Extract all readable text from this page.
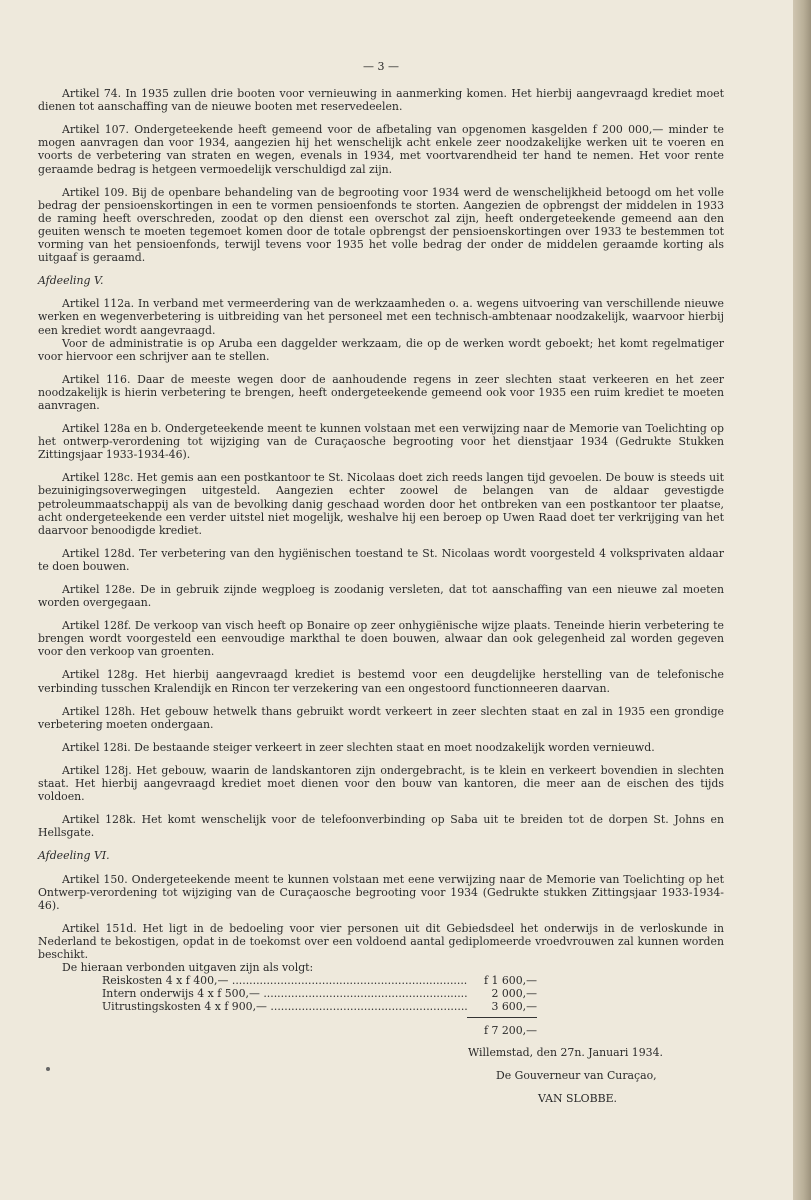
— 3 —

Artikel 74. In 1935 zullen drie booten voor vernieuwing in aanmerking komen. Het hierbij aangevraagd krediet moet dienen tot aanschaffing van de nieuwe booten met reservedeelen.

Artikel 107. Ondergeteekende heeft gemeend voor de afbetaling van opgenomen kasgelden f 200 000,— minder te mogen aanvragen dan voor 1934, aangezien hij het wenschelijk acht enkele zeer noodzakelijke werken uit te voeren en voorts de verbetering van straten en wegen, evenals in 1934, met voortvarendheid ter hand te nemen. Het voor rente geraamde bedrag is hetgeen vermoedelijk verschuldigd zal zijn.

Artikel 109. Bij de openbare behandeling van de begrooting voor 1934 werd de wenschelijkheid betoogd om het volle bedrag der pensioenskortingen in een te vormen pensioenfonds te storten. Aangezien de opbrengst der middelen in 1933 de raming heeft overschreden, zoodat op den dienst een overschot zal zijn, heeft ondergeteekende gemeend aan den geuiten wensch te moeten tegemoet komen door de totale opbrengst der pensioenskortingen over 1933 te bestemmen tot vorming van het pensioenfonds, terwijl tevens voor 1935 het volle bedrag der onder de middelen geraamde korting als uitgaaf is geraamd.

Afdeeling V.

Artikel 112a. In verband met vermeerdering van de werkzaamheden o. a. wegens uitvoering van verschillende nieuwe werken en wegenverbetering is uitbreiding van het personeel met een technisch-ambtenaar noodzakelijk, waarvoor hierbij een krediet wordt aangevraagd.

Voor de administratie is op Aruba een daggelder werkzaam, die op de werken wordt geboekt; het komt regelmatiger voor hiervoor een schrijver aan te stellen.

Artikel 116. Daar de meeste wegen door de aanhoudende regens in zeer slechten staat verkeeren en het zeer noodzakelijk is hierin verbetering te brengen, heeft ondergeteekende gemeend ook voor 1935 een ruim krediet te moeten aanvragen.

Artikel 128a en b. Ondergeteekende meent te kunnen volstaan met een verwijzing naar de Memorie van Toelichting op het ontwerp-verordening tot wijziging van de Curaçaosche begrooting voor het dienstjaar 1934 (Gedrukte Stukken Zittingsjaar 1933-1934-46).

Artikel 128c. Het gemis aan een postkantoor te St. Nicolaas doet zich reeds langen tijd gevoelen. De bouw is steeds uit bezuinigingsoverwegingen uitgesteld. Aangezien echter zoowel de belangen van de aldaar gevestigde petroleummaatschappij als van de bevolking danig geschaad worden door het ontbreken van een postkantoor ter plaatse, acht ondergeteekende een verder uitstel niet mogelijk, weshalve hij een beroep op Uwen Raad doet ter verkrijging van het daarvoor benoodigde krediet.

Artikel 128d. Ter verbetering van den hygiënischen toestand te St. Nicolaas wordt voorgesteld 4 volksprivaten aldaar te doen bouwen.

Artikel 128e. De in gebruik zijnde wegploeg is zoodanig versleten, dat tot aanschaffing van een nieuwe zal moeten worden overgegaan.

Artikel 128f. De verkoop van visch heeft op Bonaire op zeer onhygiënische wijze plaats. Teneinde hierin verbetering te brengen wordt voorgesteld een eenvoudige markthal te doen bouwen, alwaar dan ook gelegenheid zal worden gegeven voor den verkoop van groenten.

Artikel 128g. Het hierbij aangevraagd krediet is bestemd voor een deugdelijke herstelling van de telefonische verbinding tusschen Kralendijk en Rincon ter verzekering van een ongestoord functionneeren daarvan.

Artikel 128h. Het gebouw hetwelk thans gebruikt wordt verkeert in zeer slechten staat en zal in 1935 een grondige verbetering moeten ondergaan.

Artikel 128i. De bestaande steiger verkeert in zeer slechten staat en moet noodzakelijk worden vernieuwd.

Artikel 128j. Het gebouw, waarin de landskantoren zijn ondergebracht, is te klein en verkeert bovendien in slechten staat. Het hierbij aangevraagd krediet moet dienen voor den bouw van kantoren, die meer aan de eischen des tijds voldoen.

Artikel 128k. Het komt wenschelijk voor de telefoonverbinding op Saba uit te breiden tot de dorpen St. Johns en Hellsgate.

Afdeeling VI.

Artikel 150. Ondergeteekende meent te kunnen volstaan met eene verwijzing naar de Memorie van Toelichting op het Ontwerp-verordening tot wijziging van de Curaçaosche begrooting voor 1934 (Gedrukte stukken Zittingsjaar 1933-1934-46).

Artikel 151d. Het ligt in de bedoeling voor vier personen uit dit Gebiedsdeel het onderwijs in de verloskunde in Nederland te bekostigen, opdat in de toekomst over een voldoend aantal gediplomeerde vroedvrouwen zal kunnen worden beschikt.

De hieraan verbonden uitgaven zijn als volgt:

Reiskosten 4 x f 400,— .....	f 1 600,—
Intern onderwijs 4 x f 500,— .....	2 000,—
Uitrustingskosten 4 x f 900,— .....	3 600,—
f 7 200,—
Willemstad, den 27n. Januari 1934.
De Gouverneur van Curaçao,
VAN SLOBBE.
